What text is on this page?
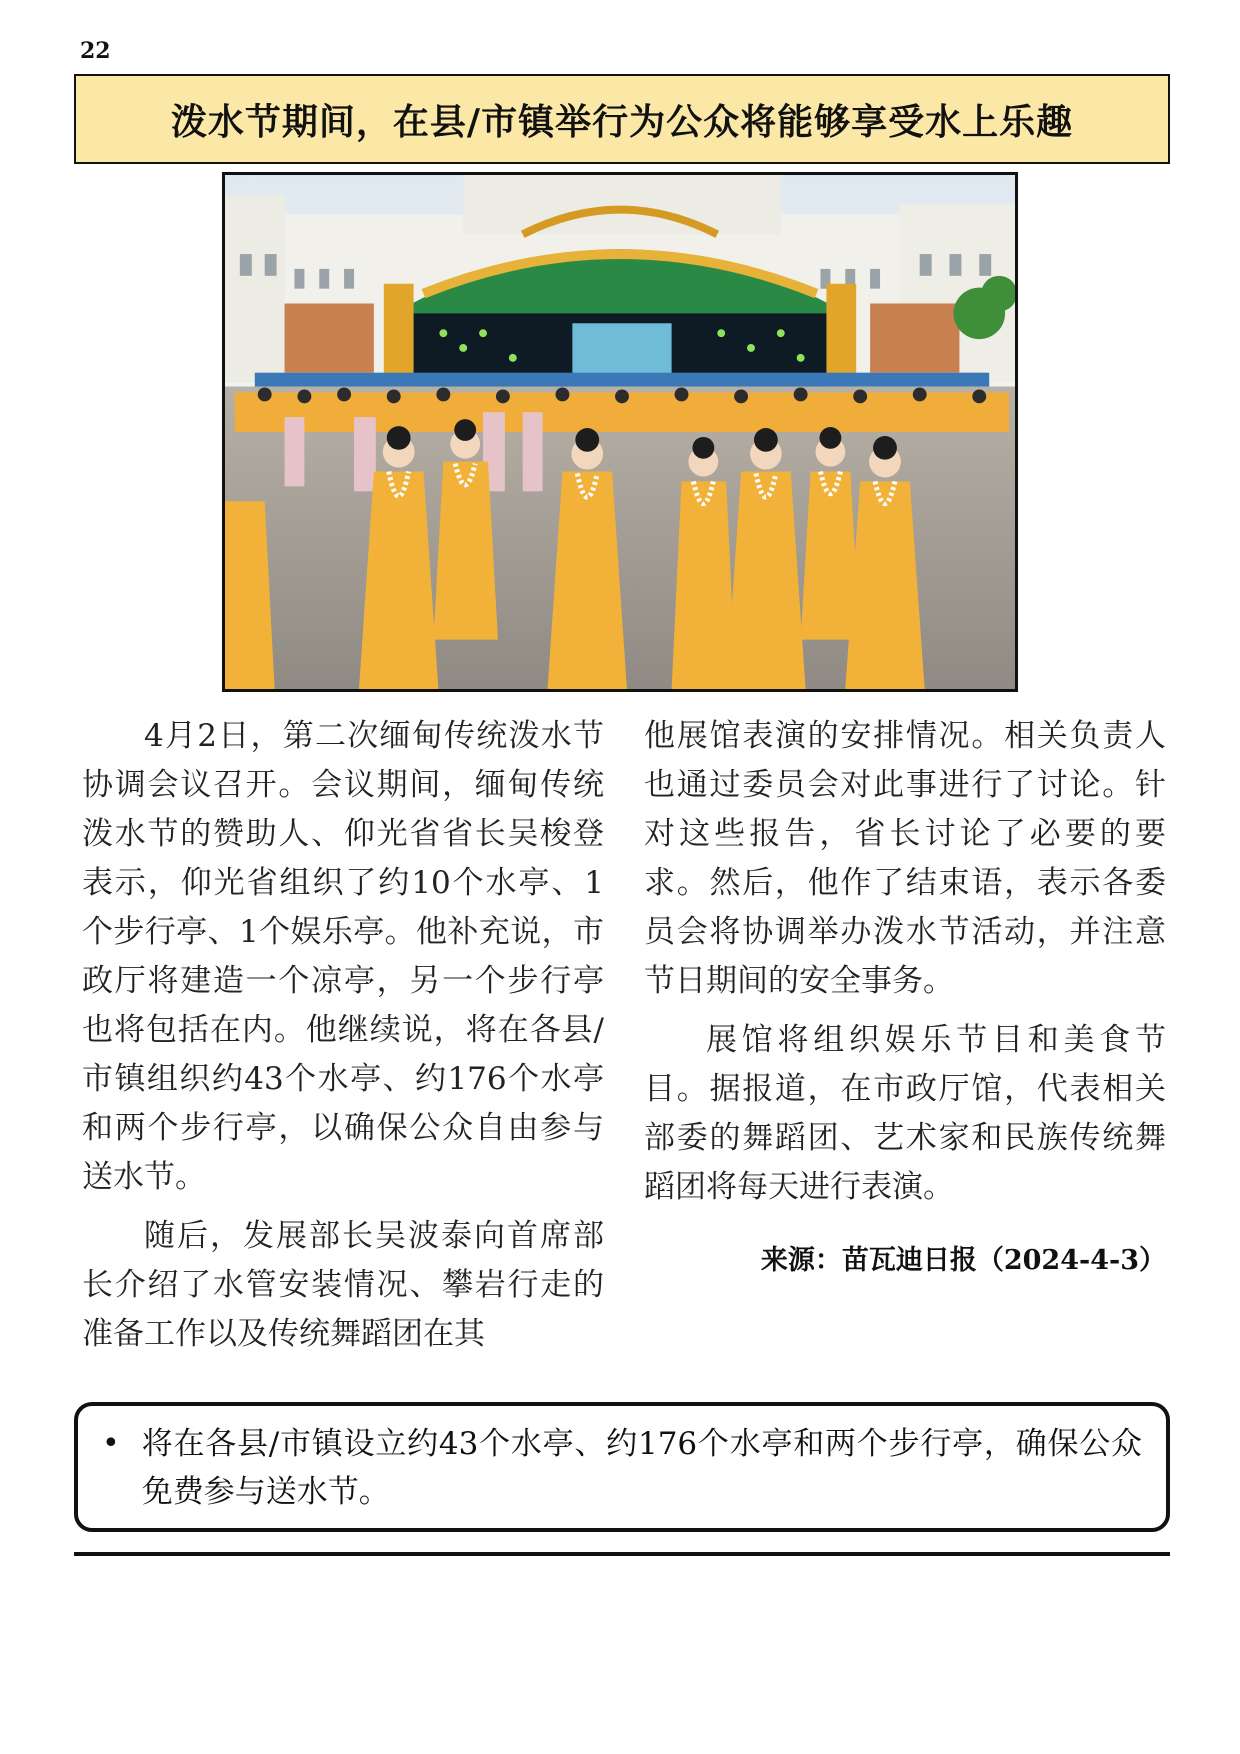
22
泼水节期间，在县/市镇举行为公众将能够享受水上乐趣

4月2日，第二次缅甸传统泼水节协调会议召开。会议期间，缅甸传统泼水节的赞助人、仰光省省长吴梭登表示，仰光省组织了约10个水亭、1个步行亭、1个娱乐亭。他补充说，市政厅将建造一个凉亭，另一个步行亭也将包括在内。他继续说，将在各县/市镇组织约43个水亭、约176个水亭和两个步行亭，以确保公众自由参与送水节。

随后，发展部长吴波泰向首席部长介绍了水管安装情况、攀岩行走的准备工作以及传统舞蹈团在其

他展馆表演的安排情况。相关负责人也通过委员会对此事进行了讨论。针对这些报告，省长讨论了必要的要求。然后，他作了结束语，表示各委员会将协调举办泼水节活动，并注意节日期间的安全事务。

展馆将组织娱乐节目和美食节目。据报道，在市政厅馆，代表相关部委的舞蹈团、艺术家和民族传统舞蹈团将每天进行表演。

来源：苗瓦迪日报（2024-4-3）
• 将在各县/市镇设立约43个水亭、约176个水亭和两个步行亭，确保公众免费参与送水节。
